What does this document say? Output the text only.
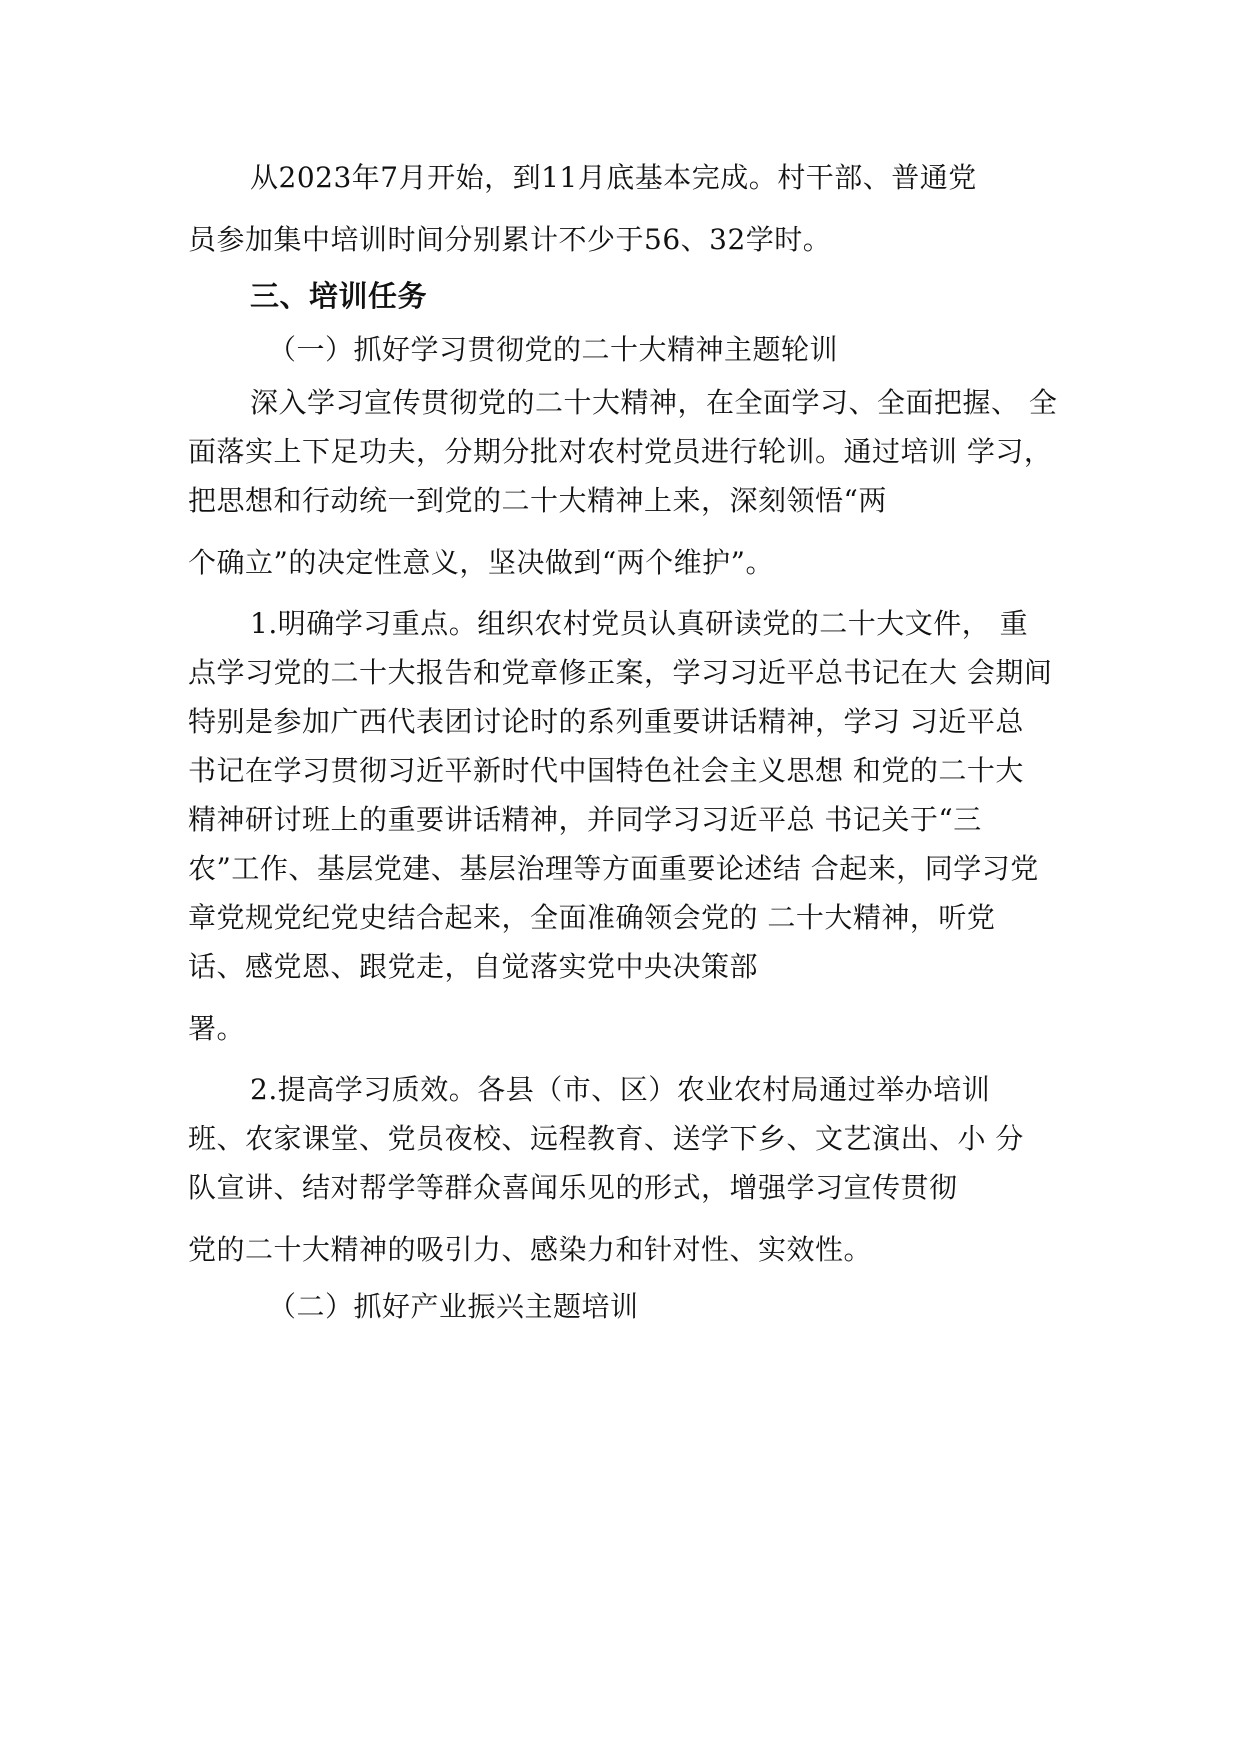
从2023年7月开始，到11月底基本完成。村干部、普通党

员参加集中培训时间分别累计不少于56、32学时。

三、培训任务

（一）抓好学习贯彻党的二十大精神主题轮训

深入学习宣传贯彻党的二十大精神，在全面学习、全面把握、 全

面落实上下足功夫，分期分批对农村党员进行轮训。通过培训 学习，

把思想和行动统一到党的二十大精神上来，深刻领悟“两

个确立”的决定性意义，坚决做到“两个维护”。

1.明确学习重点。组织农村党员认真研读党的二十大文件， 重

点学习党的二十大报告和党章修正案，学习习近平总书记在大 会期间

特别是参加广西代表团讨论时的系列重要讲话精神，学习 习近平总

书记在学习贯彻习近平新时代中国特色社会主义思想 和党的二十大

精神研讨班上的重要讲话精神，并同学习习近平总 书记关于“三

农”工作、基层党建、基层治理等方面重要论述结 合起来，同学习党

章党规党纪党史结合起来，全面准确领会党的 二十大精神，听党

话、感党恩、跟党走，自觉落实党中央决策部

署。

2.提高学习质效。各县（市、区）农业农村局通过举办培训

班、农家课堂、党员夜校、远程教育、送学下乡、文艺演出、小 分

队宣讲、结对帮学等群众喜闻乐见的形式，增强学习宣传贯彻

党的二十大精神的吸引力、感染力和针对性、实效性。

（二）抓好产业振兴主题培训
